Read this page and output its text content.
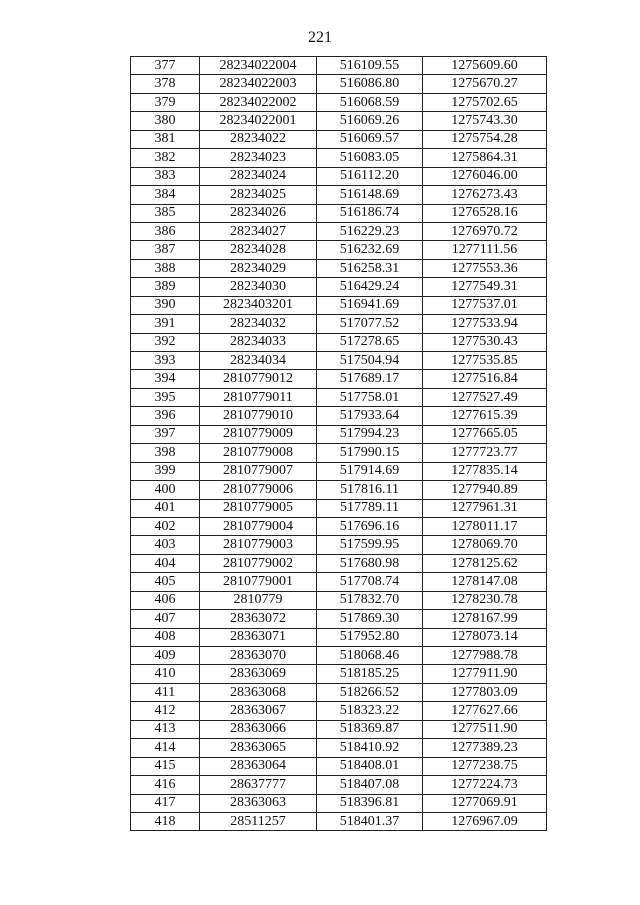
221
377	28234022004	516109.55	1275609.60
378	28234022003	516086.80	1275670.27
379	28234022002	516068.59	1275702.65
380	28234022001	516069.26	1275743.30
381	28234022	516069.57	1275754.28
382	28234023	516083.05	1275864.31
383	28234024	516112.20	1276046.00
384	28234025	516148.69	1276273.43
385	28234026	516186.74	1276528.16
386	28234027	516229.23	1276970.72
387	28234028	516232.69	1277111.56
388	28234029	516258.31	1277553.36
389	28234030	516429.24	1277549.31
390	2823403201	516941.69	1277537.01
391	28234032	517077.52	1277533.94
392	28234033	517278.65	1277530.43
393	28234034	517504.94	1277535.85
394	2810779012	517689.17	1277516.84
395	2810779011	517758.01	1277527.49
396	2810779010	517933.64	1277615.39
397	2810779009	517994.23	1277665.05
398	2810779008	517990.15	1277723.77
399	2810779007	517914.69	1277835.14
400	2810779006	517816.11	1277940.89
401	2810779005	517789.11	1277961.31
402	2810779004	517696.16	1278011.17
403	2810779003	517599.95	1278069.70
404	2810779002	517680.98	1278125.62
405	2810779001	517708.74	1278147.08
406	2810779	517832.70	1278230.78
407	28363072	517869.30	1278167.99
408	28363071	517952.80	1278073.14
409	28363070	518068.46	1277988.78
410	28363069	518185.25	1277911.90
411	28363068	518266.52	1277803.09
412	28363067	518323.22	1277627.66
413	28363066	518369.87	1277511.90
414	28363065	518410.92	1277389.23
415	28363064	518408.01	1277238.75
416	28637777	518407.08	1277224.73
417	28363063	518396.81	1277069.91
418	28511257	518401.37	1276967.09
